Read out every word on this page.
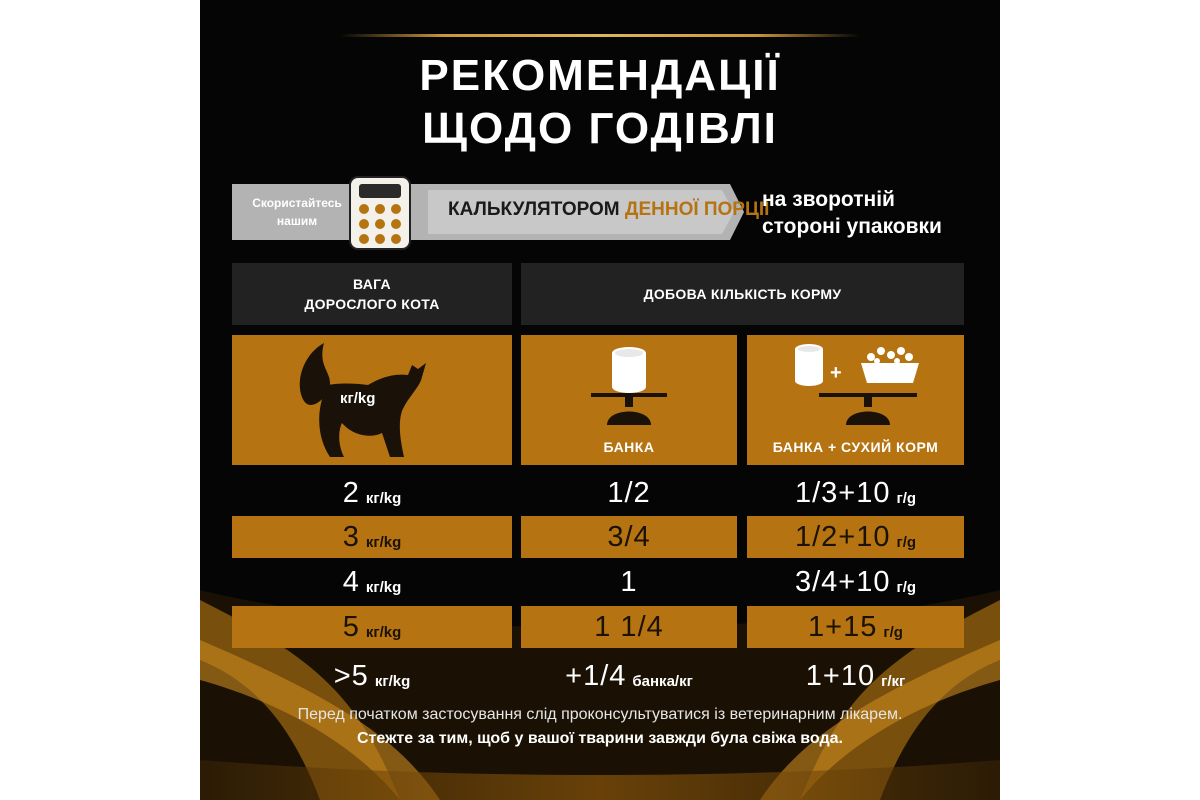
РЕКОМЕНДАЦІЇ
ЩОДО ГОДІВЛІ
Скористайтесь
нашим
КАЛЬКУЛЯТОРОМ ДЕННОЇ ПОРЦІЇ
на зворотній
стороні упаковки
ВАГА
ДОРОСЛОГО КОТА
ДОБОВА КІЛЬКІСТЬ КОРМУ
кг/kg
БАНКА
+
БАНКА + СУХИЙ КОРМ
2 кг/kg	1/2	1/3+10 г/g
3 кг/kg	3/4	1/2+10 г/g
4 кг/kg	1	3/4+10 г/g
5 кг/kg	1 1/4	1+15 г/g
>5 кг/kg	+1/4 банка/кг	1+10 г/кг
Перед початком застосування слід проконсультуватися із ветеринарним лікарем.
Стежте за тим, щоб у вашої тварини завжди була свіжа вода.
